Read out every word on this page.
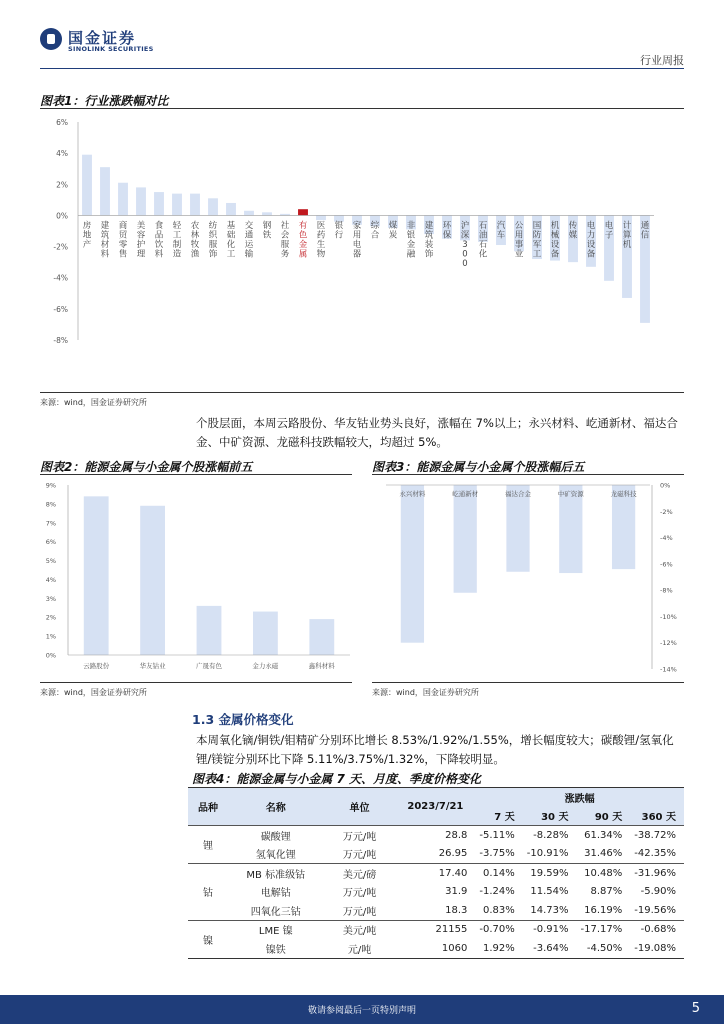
国金证券
SINOLINK SECURITIES
行业周报
图表1：行业涨跌幅对比
-8%
-6%
-4%
-2%
0%
2%
4%
6%
房地产
建筑材料
商贸零售
美容护理
食品饮料
轻工制造
农林牧渔
纺织服饰
基础化工
交通运输
钢铁
社会服务
有色金属
医药生物
银行
家用电器
综合
煤炭
非银金融
建筑装饰
环保
沪深 3 0 0
石油石化
汽车
公用事业
国防军工
机械设备
传媒
电力设备
电子
计算机
通信
来源：wind，国金证券研究所
个股层面，本周云路股份、华友钴业势头良好，涨幅在 7%以上；永兴材料、屹通新材、福达合金、中矿资源、龙磁科技跌幅较大，均超过 5%。
图表2：能源金属与小金属个股涨幅前五	图表3：能源金属与小金属个股涨幅后五
0%
1%
2%
3%
4%
5%
6%
7%
8%
9%
云路股份	华友钴业	广晟有色	金力永磁	鑫科材料
0%
-2%
-4%
-6%
-8%
-10%
-12%
-14%
永兴材料	屹通新材	福达合金	中矿资源	龙磁科技
来源：wind，国金证券研究所	来源：wind，国金证券研究所
1.3 金属价格变化
本周氧化镝/铜铁/钼精矿分别环比增长 8.53%/1.92%/1.55%，增长幅度较大；碳酸锂/氢氧化锂/镁锭分别环比下降 5.11%/3.75%/1.32%，下降较明显。
图表4：能源金属与小金属 7 天、月度、季度价格变化
品种	名称	单位	2023/7/21	涨跌幅			
				7 天	30 天	90 天	360 天
锂	碳酸锂	万元/吨	28.8	-5.11%	-8.28%	61.34%	-38.72%
	氢氧化锂	万元/吨	26.95	-3.75%	-10.91%	31.46%	-42.35%
钴	MB 标准级钴	美元/磅	17.40	0.14%	19.59%	10.48%	-31.96%
	电解钴	万元/吨	31.9	-1.24%	11.54%	8.87%	-5.90%
	四氧化三钴	万元/吨	18.3	0.83%	14.73%	16.19%	-19.56%
镍	LME 镍	美元/吨	21155	-0.70%	-0.91%	-17.17%	-0.68%
	镍铁	元/吨	1060	1.92%	-3.64%	-4.50%	-19.08%
敬请参阅最后一页特别声明	5
